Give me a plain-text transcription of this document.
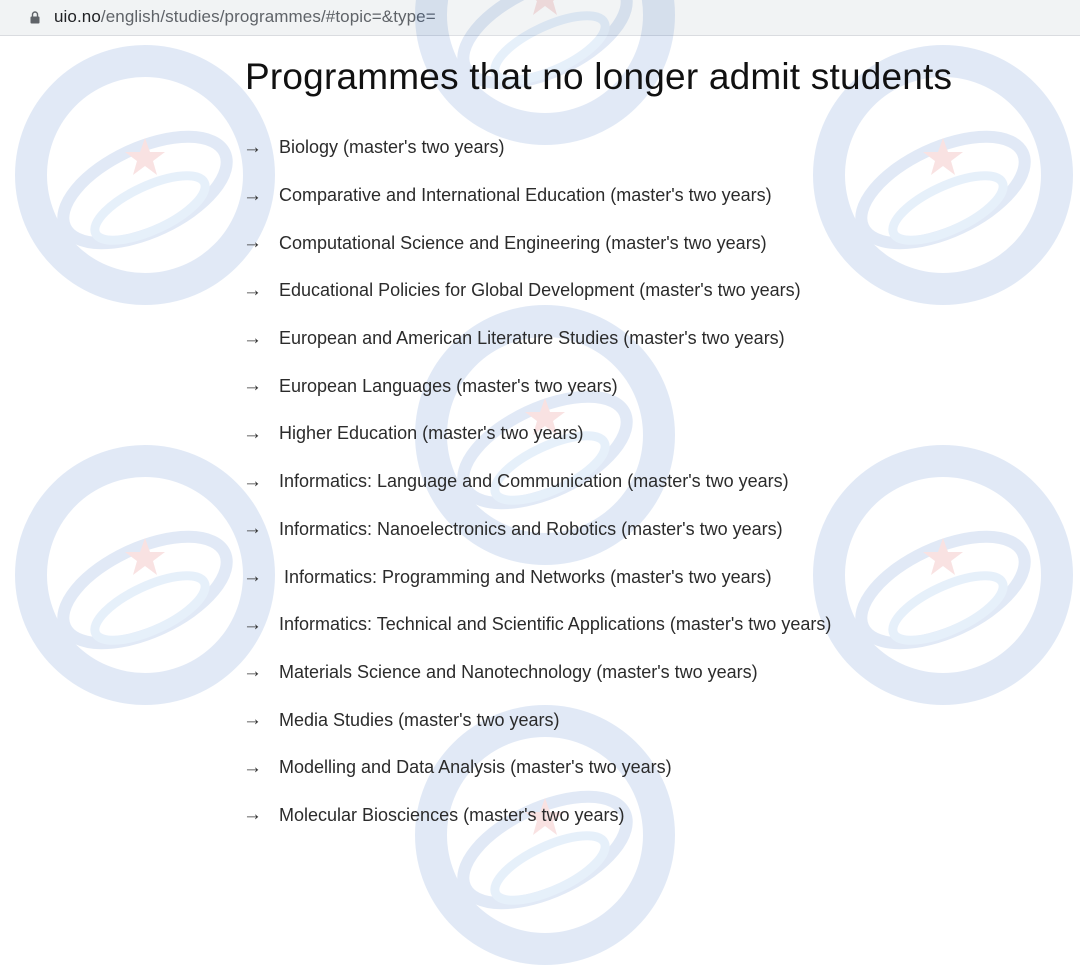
uio.no/english/studies/programmes/#topic=&type=
Programmes that no longer admit students
→ Biology (master's two years)
→ Comparative and International Education (master's two years)
→ Computational Science and Engineering (master's two years)
→ Educational Policies for Global Development (master's two years)
→ European and American Literature Studies (master's two years)
→ European Languages (master's two years)
→ Higher Education (master's two years)
→ Informatics: Language and Communication (master's two years)
→ Informatics: Nanoelectronics and Robotics (master's two years)
→ Informatics: Programming and Networks (master's two years)
→ Informatics: Technical and Scientific Applications (master's two years)
→ Materials Science and Nanotechnology (master's two years)
→ Media Studies (master's two years)
→ Modelling and Data Analysis (master's two years)
→ Molecular Biosciences (master's two years)
